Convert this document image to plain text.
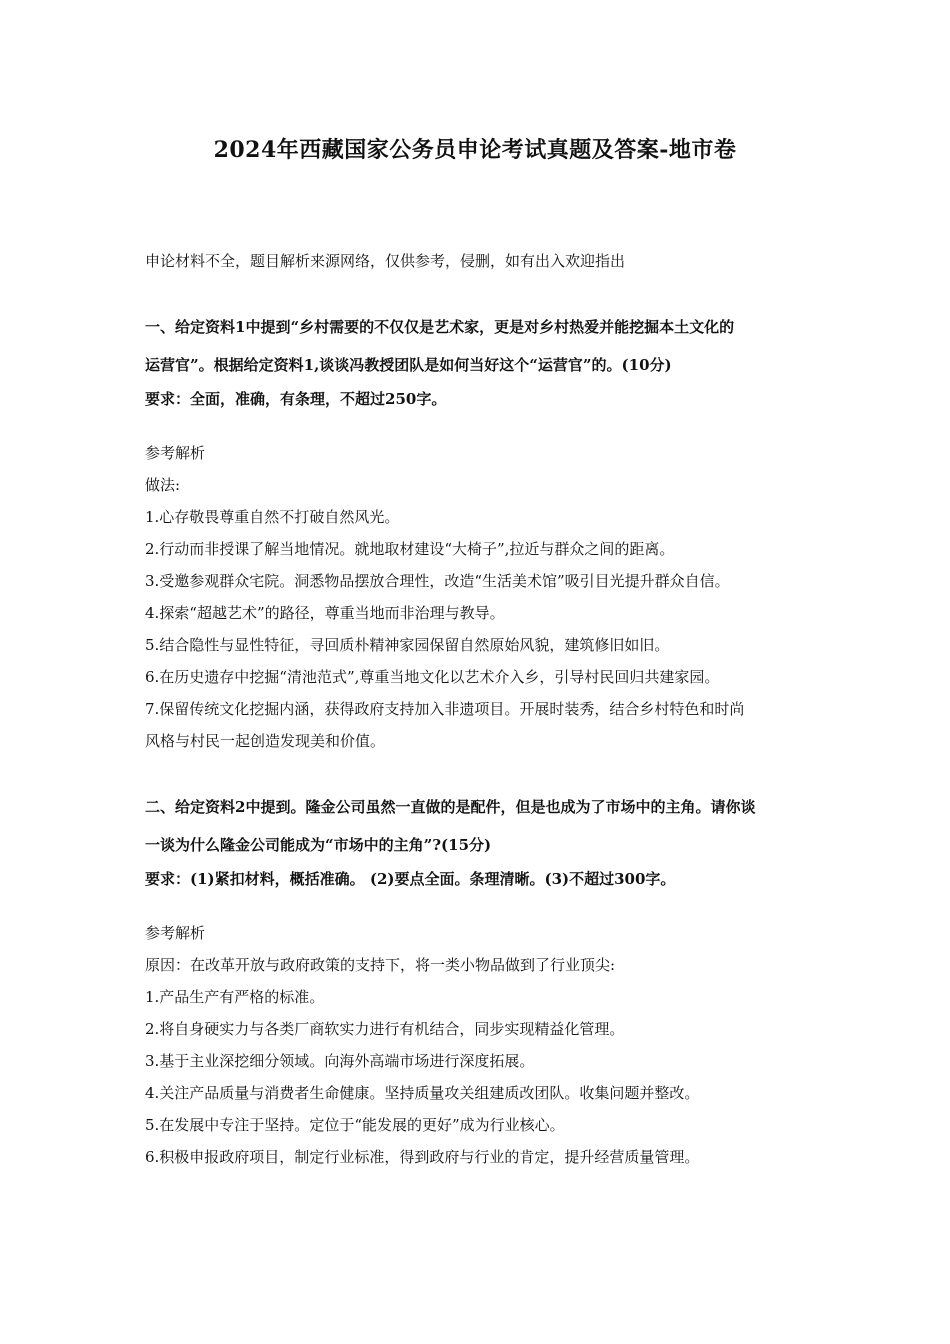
2024年西藏国家公务员申论考试真题及答案-地市卷

申论材料不全，题目解析来源网络，仅供参考，侵删，如有出入欢迎指出

一、给定资料1中提到“乡村需要的不仅仅是艺术家，更是对乡村热爱并能挖掘本土文化的

运营官”。根据给定资料1,谈谈冯教授团队是如何当好这个“运营官”的。(10分)

要求：全面，准确，有条理，不超过250字。

参考解析

做法:

1.心存敬畏尊重自然不打破自然风光。

2.行动而非授课了解当地情况。就地取材建设“大椅子”,拉近与群众之间的距离。

3.受邀参观群众宅院。洞悉物品摆放合理性，改造“生活美术馆”吸引目光提升群众自信。

4.探索“超越艺术”的路径，尊重当地而非治理与教导。

5.结合隐性与显性特征，寻回质朴精神家园保留自然原始风貌，建筑修旧如旧。

6.在历史遗存中挖掘“清池范式”,尊重当地文化以艺术介入乡，引导村民回归共建家园。

7.保留传统文化挖掘内涵，获得政府支持加入非遗项目。开展时装秀，结合乡村特色和时尚

风格与村民一起创造发现美和价值。

二、给定资料2中提到。隆金公司虽然一直做的是配件，但是也成为了市场中的主角。请你谈

一谈为什么隆金公司能成为“市场中的主角”?(15分)

要求：(1)紧扣材料，概括准确。 (2)要点全面。条理清晰。(3)不超过300字。

参考解析

原因：在改革开放与政府政策的支持下，将一类小物品做到了行业顶尖:

1.产品生产有严格的标准。

2.将自身硬实力与各类厂商软实力进行有机结合，同步实现精益化管理。

3.基于主业深挖细分领域。向海外高端市场进行深度拓展。

4.关注产品质量与消费者生命健康。坚持质量攻关组建质改团队。收集问题并整改。

5.在发展中专注于坚持。定位于“能发展的更好”成为行业核心。

6.积极申报政府项目，制定行业标准，得到政府与行业的肯定，提升经营质量管理。
